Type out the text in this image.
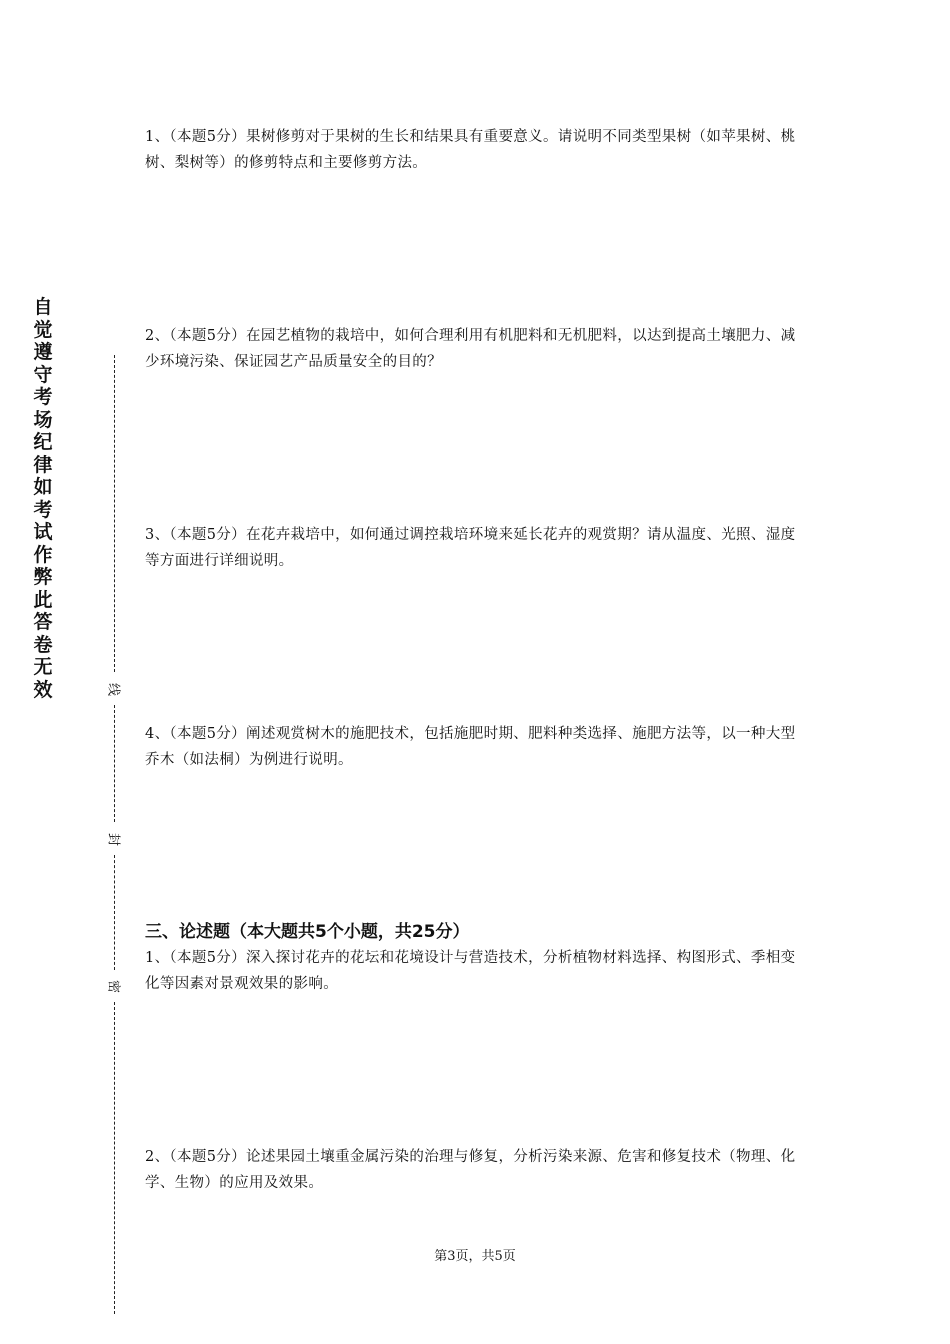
自觉遵守考场纪律如考试作弊此答卷无效	线
封
密
1、（本题5分）果树修剪对于果树的生长和结果具有重要意义。请说明不同类型果树（如苹果树、桃树、梨树等）的修剪特点和主要修剪方法。
2、（本题5分）在园艺植物的栽培中，如何合理利用有机肥料和无机肥料，以达到提高土壤肥力、减少环境污染、保证园艺产品质量安全的目的？
3、（本题5分）在花卉栽培中，如何通过调控栽培环境来延长花卉的观赏期？请从温度、光照、湿度等方面进行详细说明。
4、（本题5分）阐述观赏树木的施肥技术，包括施肥时期、肥料种类选择、施肥方法等，以一种大型乔木（如法桐）为例进行说明。
三、论述题（本大题共5个小题，共25分）
1、（本题5分）深入探讨花卉的花坛和花境设计与营造技术，分析植物材料选择、构图形式、季相变化等因素对景观效果的影响。
2、（本题5分）论述果园土壤重金属污染的治理与修复，分析污染来源、危害和修复技术（物理、化学、生物）的应用及效果。
第3页，共5页
